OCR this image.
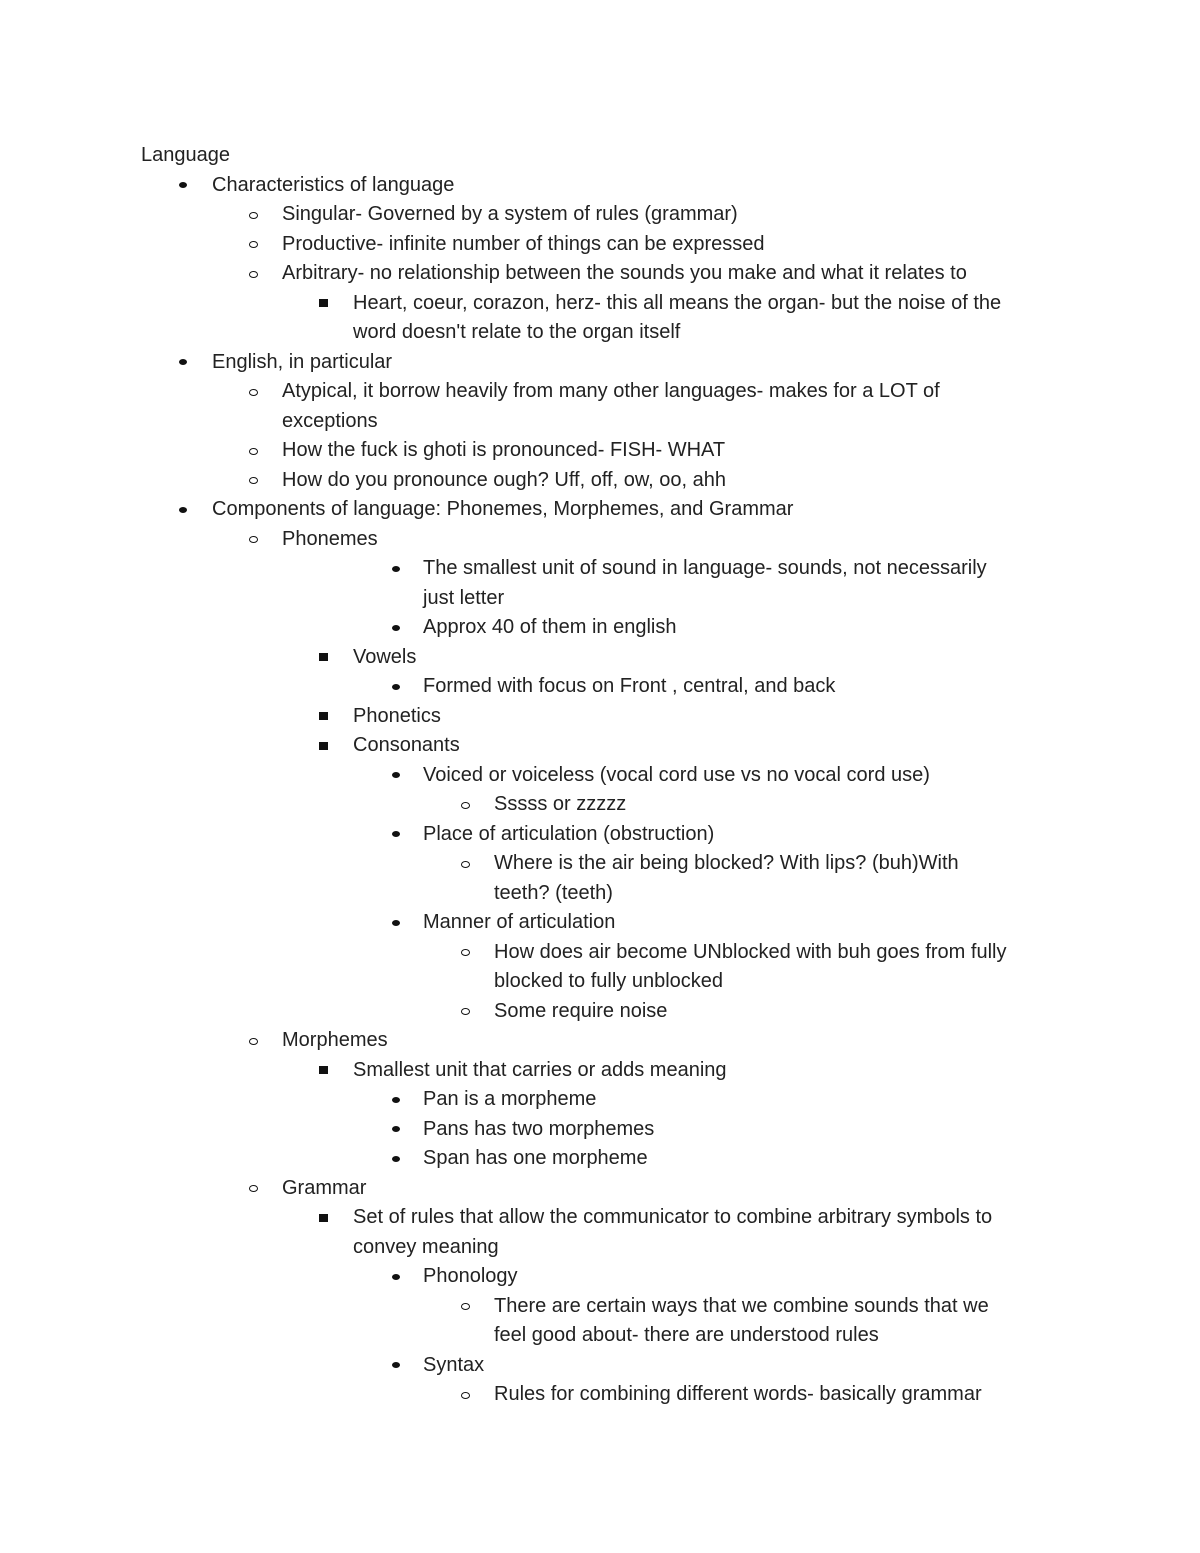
Language
Characteristics of language
Singular- Governed by a system of rules (grammar)
Productive- infinite number of things can be expressed
Arbitrary- no relationship between the sounds you make and what it relates to
Heart, coeur, corazon, herz- this all means the organ- but the noise of the
word doesn't relate to the organ itself
English, in particular
Atypical, it borrow heavily from many other languages- makes for a LOT of
exceptions
How the fuck is ghoti is pronounced- FISH- WHAT
How do you pronounce ough? Uff, off, ow, oo, ahh
Components of language: Phonemes, Morphemes, and Grammar
Phonemes
The smallest unit of sound in language- sounds, not necessarily
just letter
Approx 40 of them in english
Vowels
Formed with focus on Front , central, and back
Phonetics
Consonants
Voiced or voiceless (vocal cord use vs no vocal cord use)
Sssss or zzzzz
Place of articulation (obstruction)
Where is the air being blocked? With lips? (buh)With
teeth? (teeth)
Manner of articulation
How does air become UNblocked with buh goes from fully
blocked to fully unblocked
Some require noise
Morphemes
Smallest unit that carries or adds meaning
Pan is a morpheme
Pans has two morphemes
Span has one morpheme
Grammar
Set of rules that allow the communicator to combine arbitrary symbols to
convey meaning
Phonology
There are certain ways that we combine sounds that we
feel good about- there are understood rules
Syntax
Rules for combining different words- basically grammar
